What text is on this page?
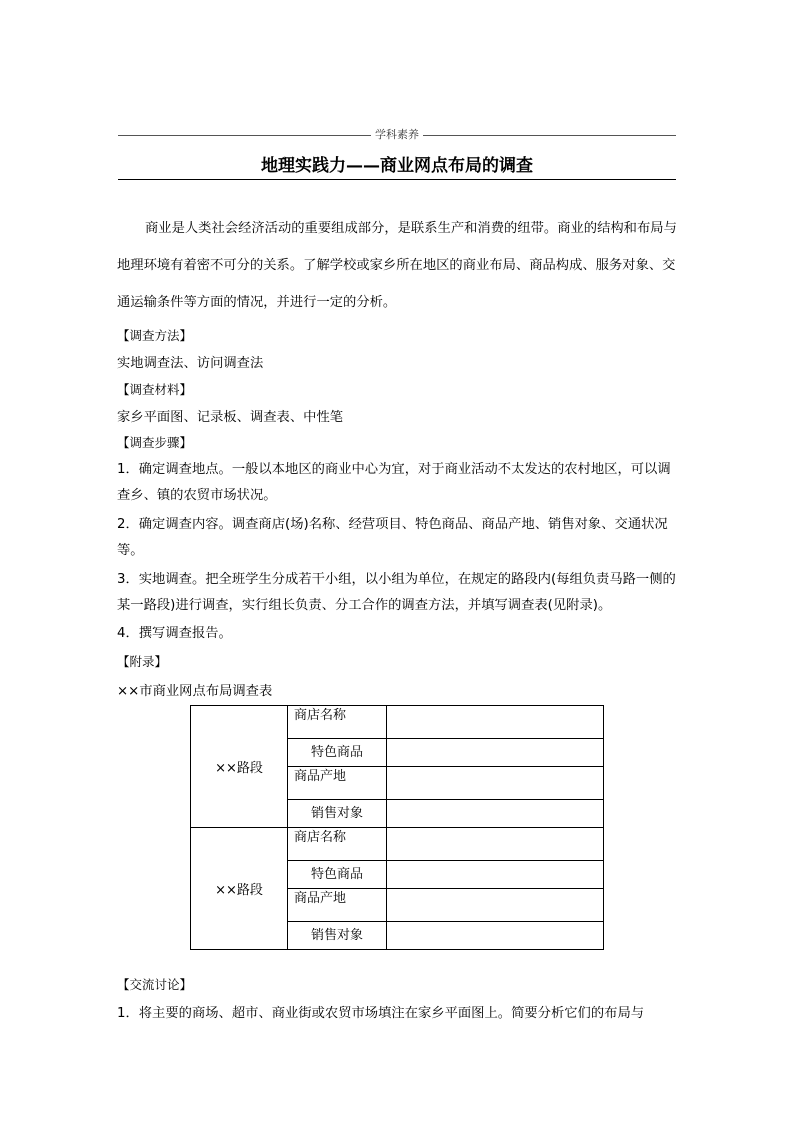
学科素养
地理实践力——商业网点布局的调查
商业是人类社会经济活动的重要组成部分，是联系生产和消费的纽带。商业的结构和布局与地理环境有着密不可分的关系。了解学校或家乡所在地区的商业布局、商品构成、服务对象、交通运输条件等方面的情况，并进行一定的分析。
【调查方法】
实地调查法、访问调查法
【调查材料】
家乡平面图、记录板、调查表、中性笔
【调查步骤】
1．确定调查地点。一般以本地区的商业中心为宜，对于商业活动不太发达的农村地区，可以调查乡、镇的农贸市场状况。
2．确定调查内容。调查商店(场)名称、经营项目、特色商品、商品产地、销售对象、交通状况等。
3．实地调查。把全班学生分成若干小组，以小组为单位，在规定的路段内(每组负责马路一侧的某一路段)进行调查，实行组长负责、分工合作的调查方法，并填写调查表(见附录)。
4．撰写调查报告。
【附录】
××市商业网点布局调查表
××路段	商店名称	
	特色商品	
	商品产地	
	销售对象	
××路段	商店名称	
	特色商品	
	商品产地	
	销售对象	
【交流讨论】
1．将主要的商场、超市、商业街或农贸市场填注在家乡平面图上。简要分析它们的布局与
